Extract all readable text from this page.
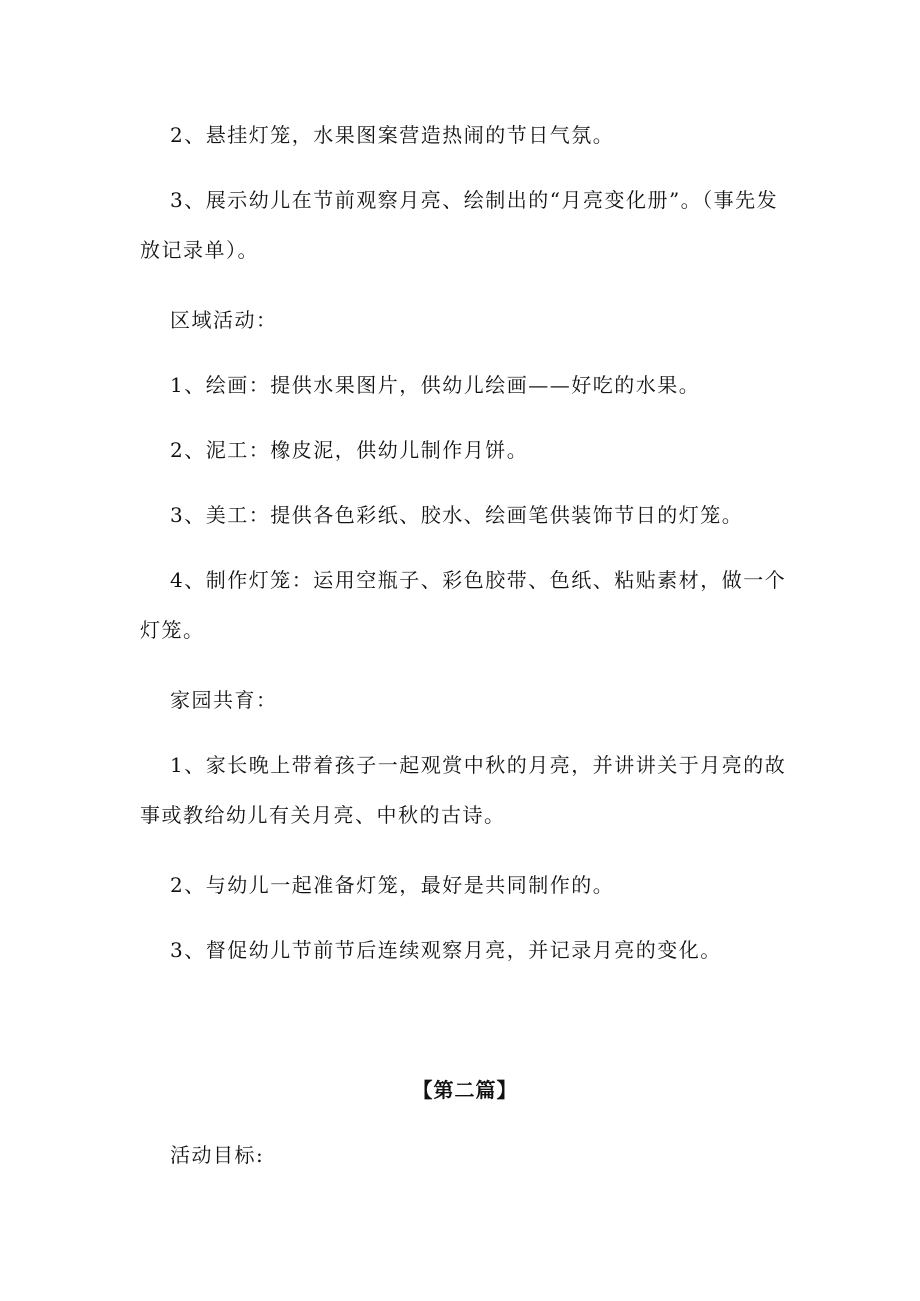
2、悬挂灯笼，水果图案营造热闹的节日气氛。

3、展示幼儿在节前观察月亮、绘制出的“月亮变化册”。（事先发放记录单）。

区域活动：

1、绘画：提供水果图片，供幼儿绘画——好吃的水果。

2、泥工：橡皮泥，供幼儿制作月饼。

3、美工：提供各色彩纸、胶水、绘画笔供装饰节日的灯笼。

4、制作灯笼：运用空瓶子、彩色胶带、色纸、粘贴素材，做一个灯笼。

家园共育：

1、家长晚上带着孩子一起观赏中秋的月亮，并讲讲关于月亮的故事或教给幼儿有关月亮、中秋的古诗。

2、与幼儿一起准备灯笼，最好是共同制作的。

3、督促幼儿节前节后连续观察月亮，并记录月亮的变化。

【第二篇】

活动目标:
